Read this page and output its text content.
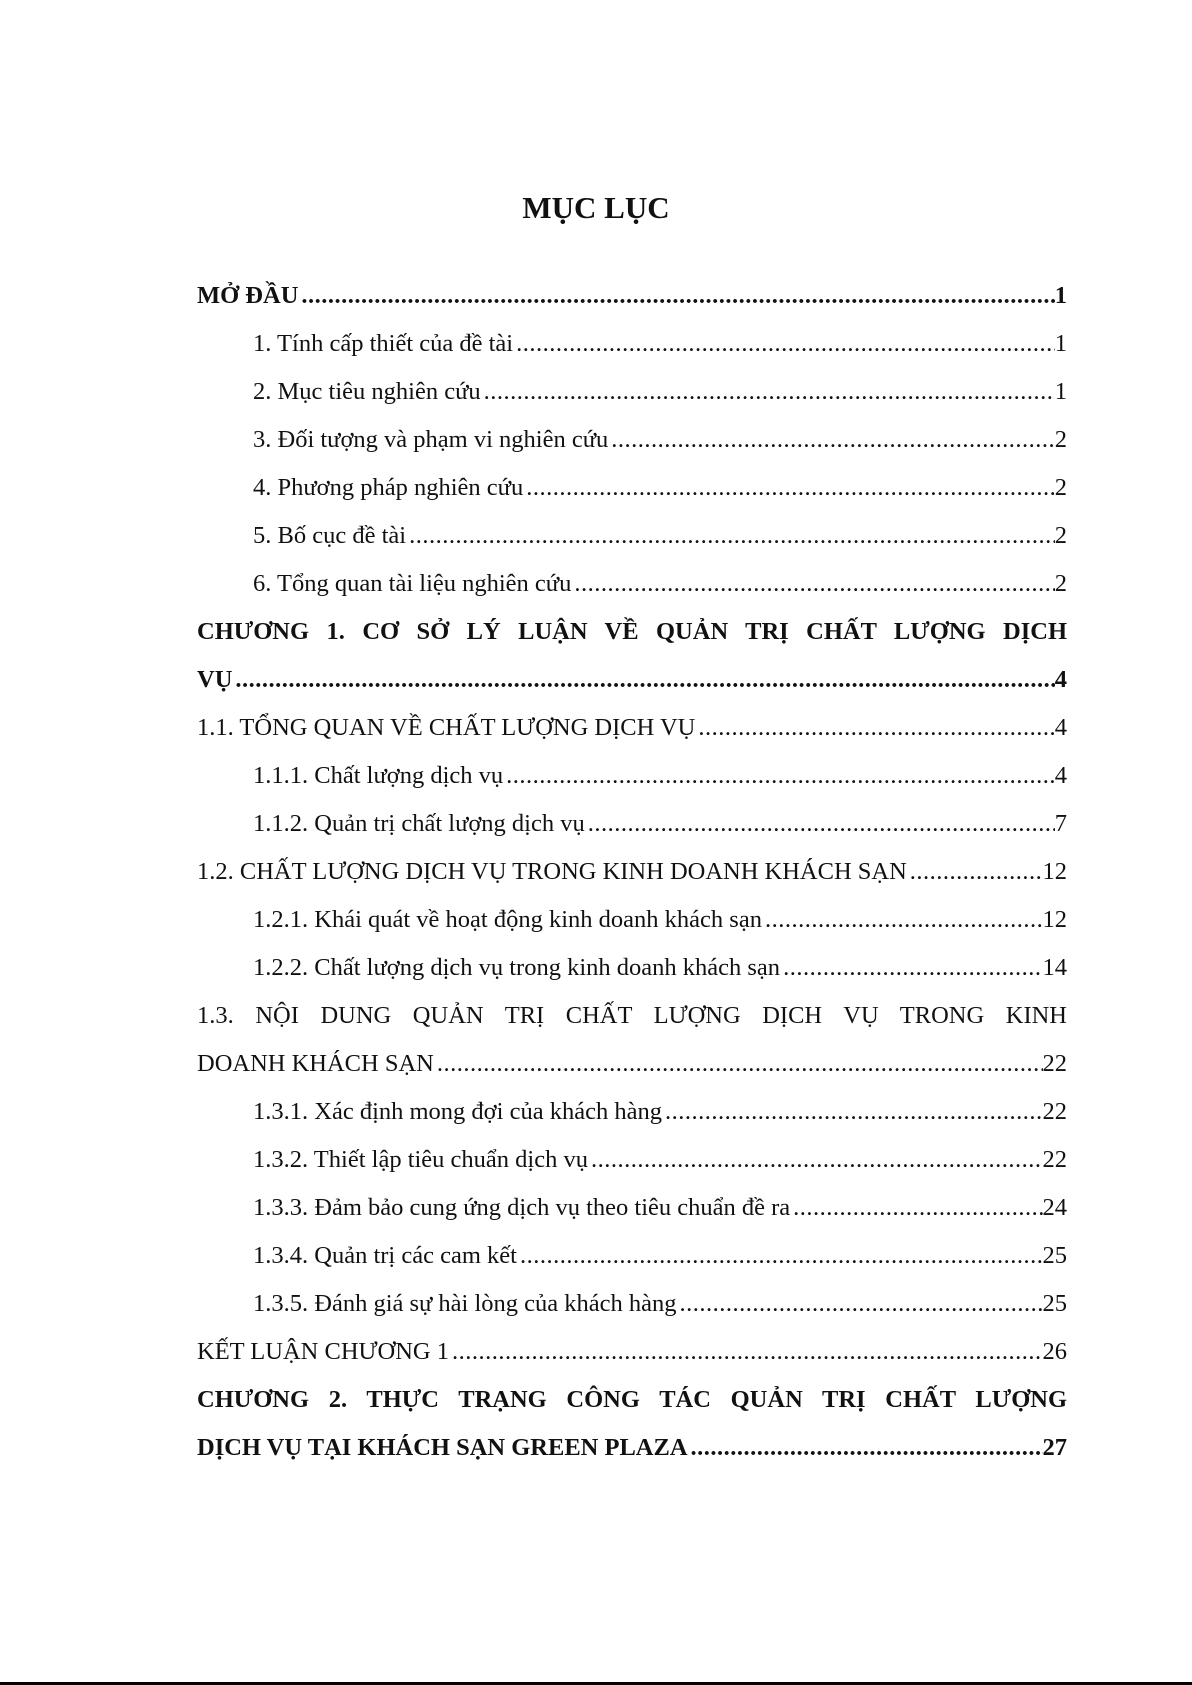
MỤC LỤC
MỞ ĐẦU .....	1
1. Tính cấp thiết của đề tài .....	1
2. Mục tiêu nghiên cứu .....	1
3. Đối tượng và phạm vi nghiên cứu .....	2
4. Phương pháp nghiên cứu .....	2
5. Bố cục đề tài .....	2
6. Tổng quan tài liệu nghiên cứu .....	2
CHƯƠNG 1. CƠ SỞ LÝ LUẬN VỀ QUẢN TRỊ CHẤT LƯỢNG DỊCH
VỤ .....	4
1.1. TỔNG QUAN VỀ CHẤT LƯỢNG DỊCH VỤ .....	4
1.1.1. Chất lượng dịch vụ .....	4
1.1.2. Quản trị chất lượng dịch vụ .....	7
1.2. CHẤT LƯỢNG DỊCH VỤ TRONG KINH DOANH KHÁCH SẠN .....	12
1.2.1. Khái quát về hoạt động kinh doanh khách sạn .....	12
1.2.2. Chất lượng dịch vụ trong kinh doanh khách sạn .....	14
1.3. NỘI DUNG QUẢN TRỊ CHẤT LƯỢNG DỊCH VỤ TRONG KINH
DOANH KHÁCH SẠN .....	22
1.3.1. Xác định mong đợi của khách hàng .....	22
1.3.2. Thiết lập tiêu chuẩn dịch vụ .....	22
1.3.3. Đảm bảo cung ứng dịch vụ theo tiêu chuẩn đề ra .....	24
1.3.4. Quản trị các cam kết .....	25
1.3.5. Đánh giá sự hài lòng của khách hàng .....	25
KẾT LUẬN CHƯƠNG 1 .....	26
CHƯƠNG 2. THỰC TRẠNG CÔNG TÁC QUẢN TRỊ CHẤT LƯỢNG
DỊCH VỤ TẠI KHÁCH SẠN GREEN PLAZA .....	27
